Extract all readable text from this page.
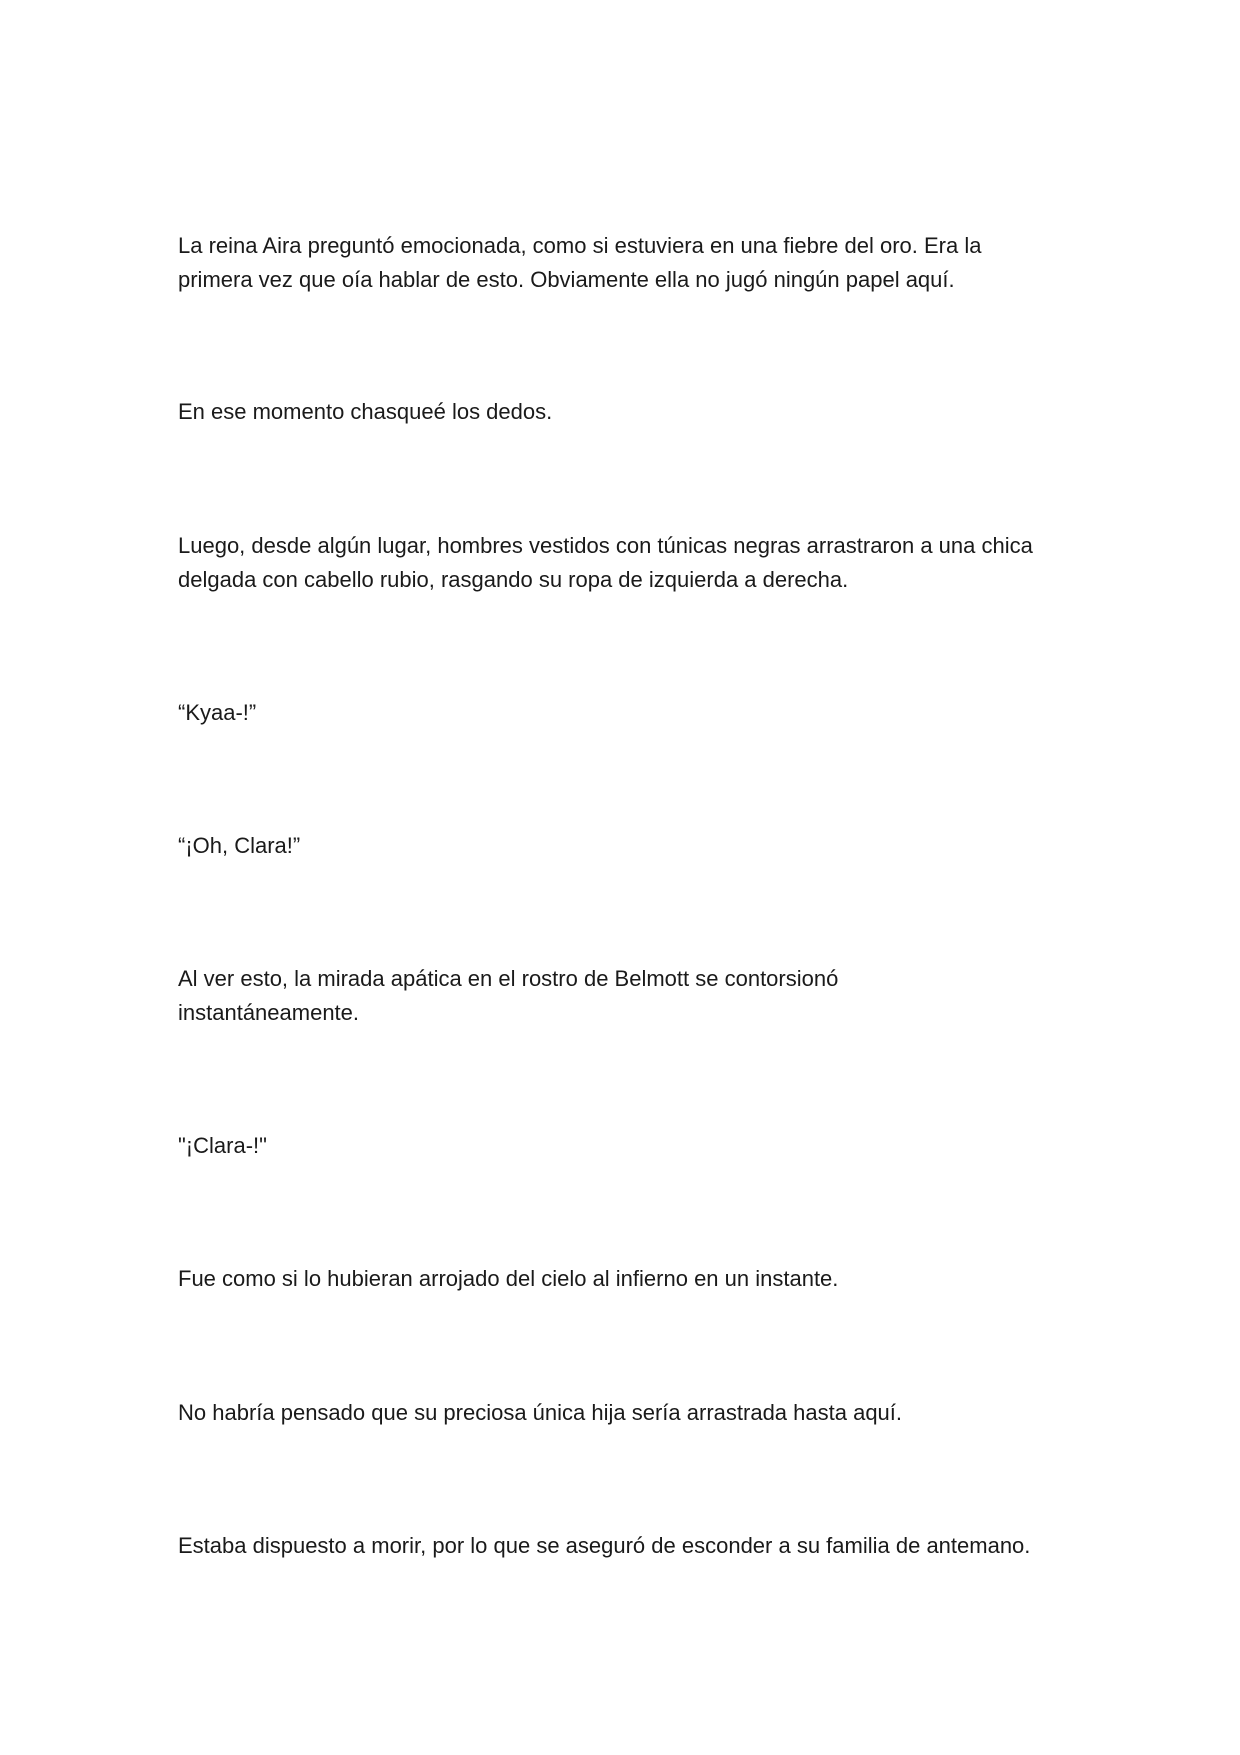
La reina Aira preguntó emocionada, como si estuviera en una fiebre del oro. Era la
primera vez que oía hablar de esto. Obviamente ella no jugó ningún papel aquí.

En ese momento chasqueé los dedos.

Luego, desde algún lugar, hombres vestidos con túnicas negras arrastraron a una chica
delgada con cabello rubio, rasgando su ropa de izquierda a derecha.

“Kyaa-!”

“¡Oh, Clara!”

Al ver esto, la mirada apática en el rostro de Belmott se contorsionó
instantáneamente.

"¡Clara-!"

Fue como si lo hubieran arrojado del cielo al infierno en un instante.

No habría pensado que su preciosa única hija sería arrastrada hasta aquí.

Estaba dispuesto a morir, por lo que se aseguró de esconder a su familia de antemano.
